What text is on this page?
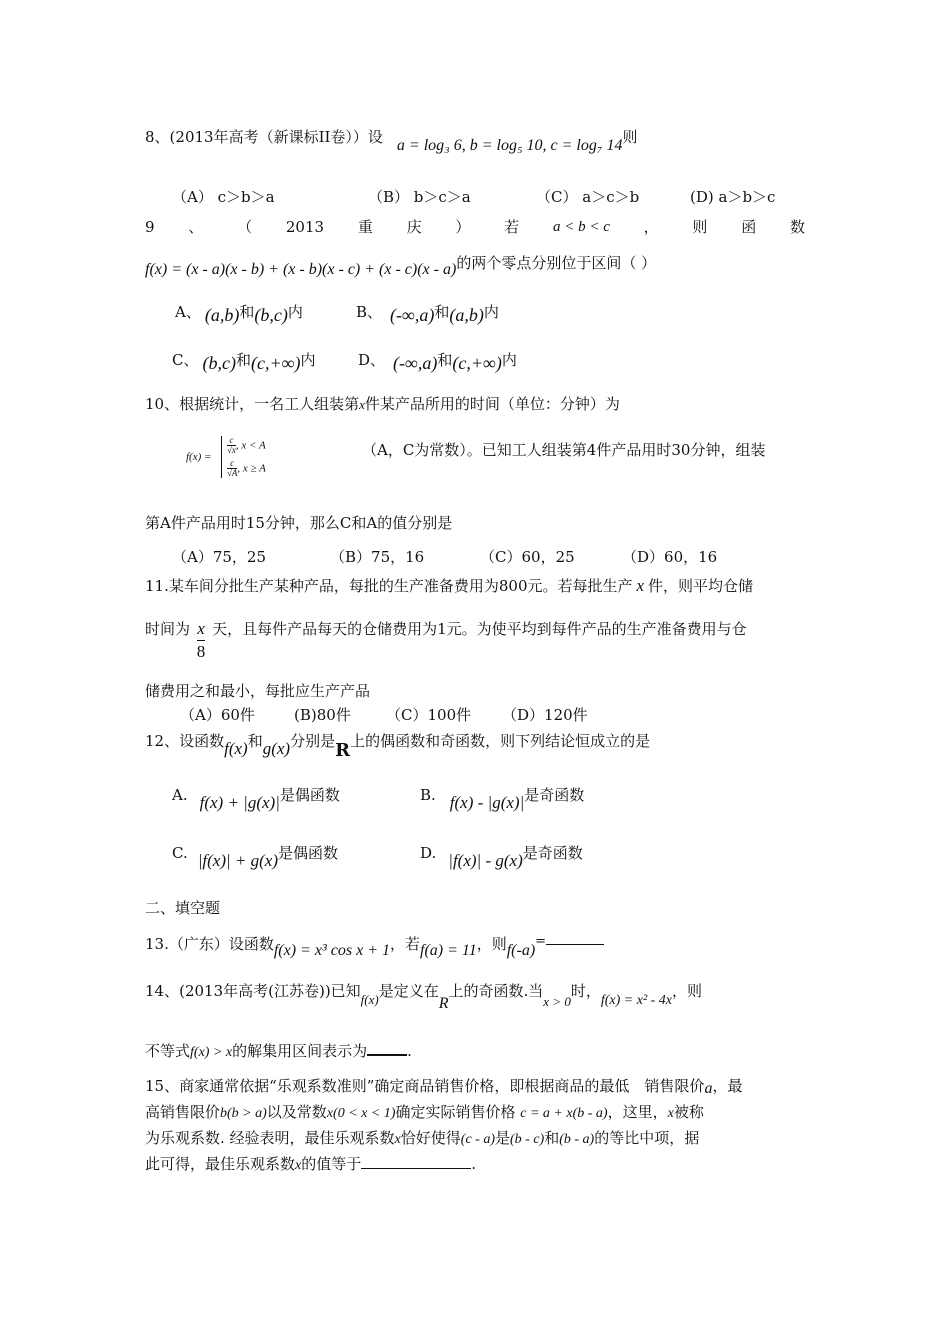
8、(2013年高考（新课标II卷））设 a = log₃ 6, b = log₅ 10, c = log₇ 14则
（A） c＞b＞a	（B） b＞c＞a	（C） a＞c＞b	(D) a＞b＞c
9 、 （ 2013 重 庆 ） 若 a < b < c ， 则 函 数
f(x) = (x - a)(x - b) + (x - b)(x - c) + (x - c)(x - a)的两个零点分别位于区间（ ）
A、 (a,b)和(b,c)内	B、 (-∞,a)和(a,b)内
C、 (b,c)和(c,+∞)内	D、 (-∞,a)和(c,+∞)内
10、根据统计，一名工人组装第x件某产品所用的时间（单位：分钟）为
f(x) =
$\frac{c}{√x}$ , x < A
$\frac{c}{√A}$ , x ≥ A
（A，C为常数）。已知工人组装第4件产品用时30分钟，组装
第A件产品用时15分钟，那么C和A的值分别是
（A）75，25	（B）75，16	（C）60，25	（D）60，16
11.某车间分批生产某种产品，每批的生产准备费用为800元。若每批生产 x 件，则平均仓储
时间为 $\frac{x}{8}$ 天，且每件产品每天的仓储费用为1元。为使平均到每件产品的生产准备费用与仓
储费用之和最小，每批应生产产品
（A）60件	(B)80件 （C）100件 （D）120件
12、设函数f(x)和g(x)分别是R上的偶函数和奇函数，则下列结论恒成立的是
A. f(x) + |g(x)|是偶函数	B. f(x) - |g(x)|是奇函数
C. |f(x)| + g(x)是偶函数	D. |f(x)| - g(x)是奇函数
二、填空题
13.（广东）设函数f(x) = x³ cos x + 1，若f(a) = 11，则f(-a)=
14、(2013年高考(江苏卷))已知f(x)是定义在R上的奇函数.当x > 0时，f(x) = x² - 4x，则
不等式f(x) > x的解集用区间表示为	.
15、商家通常依据“乐观系数准则”确定商品销售价格，即根据商品的最低　销售限价a，最
高销售限价b(b > a)以及常数x(0 < x < 1)确定实际销售价格 c = a + x(b - a)，这里，x被称
为乐观系数. 经验表明，最佳乐观系数x恰好使得(c - a)是(b - c)和(b - a)的等比中项，据
此可得，最佳乐观系数x的值等于	.
